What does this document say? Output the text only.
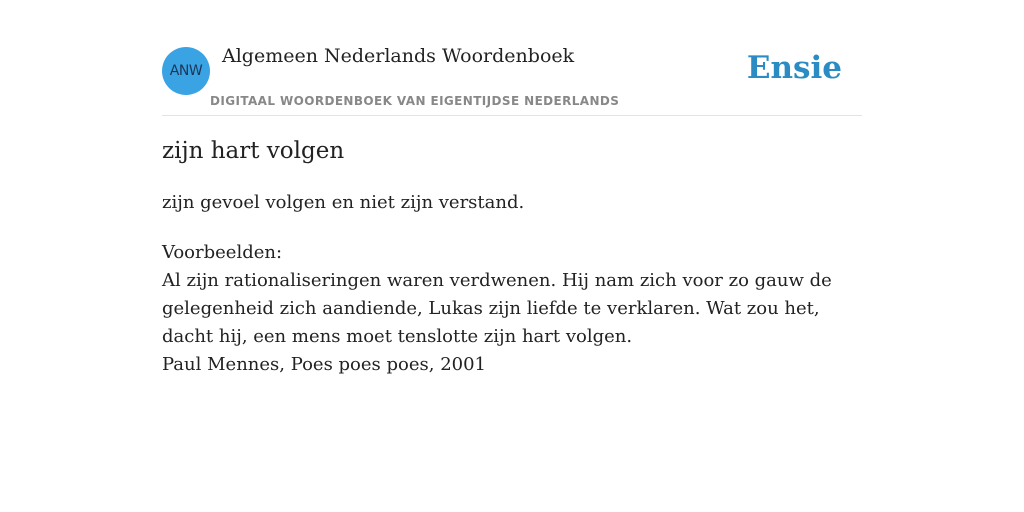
ANW
Algemeen Nederlands Woordenboek
DIGITAAL WOORDENBOEK VAN EIGENTIJDSE NEDERLANDS
Ensie
zijn hart volgen

zijn gevoel volgen en niet zijn verstand.

Voorbeelden:
Al zijn rationaliseringen waren verdwenen. Hij nam zich voor zo gauw de gelegenheid zich aandiende, Lukas zijn liefde te verklaren. Wat zou het, dacht hij, een mens moet tenslotte zijn hart volgen.
Paul Mennes, Poes poes poes, 2001
